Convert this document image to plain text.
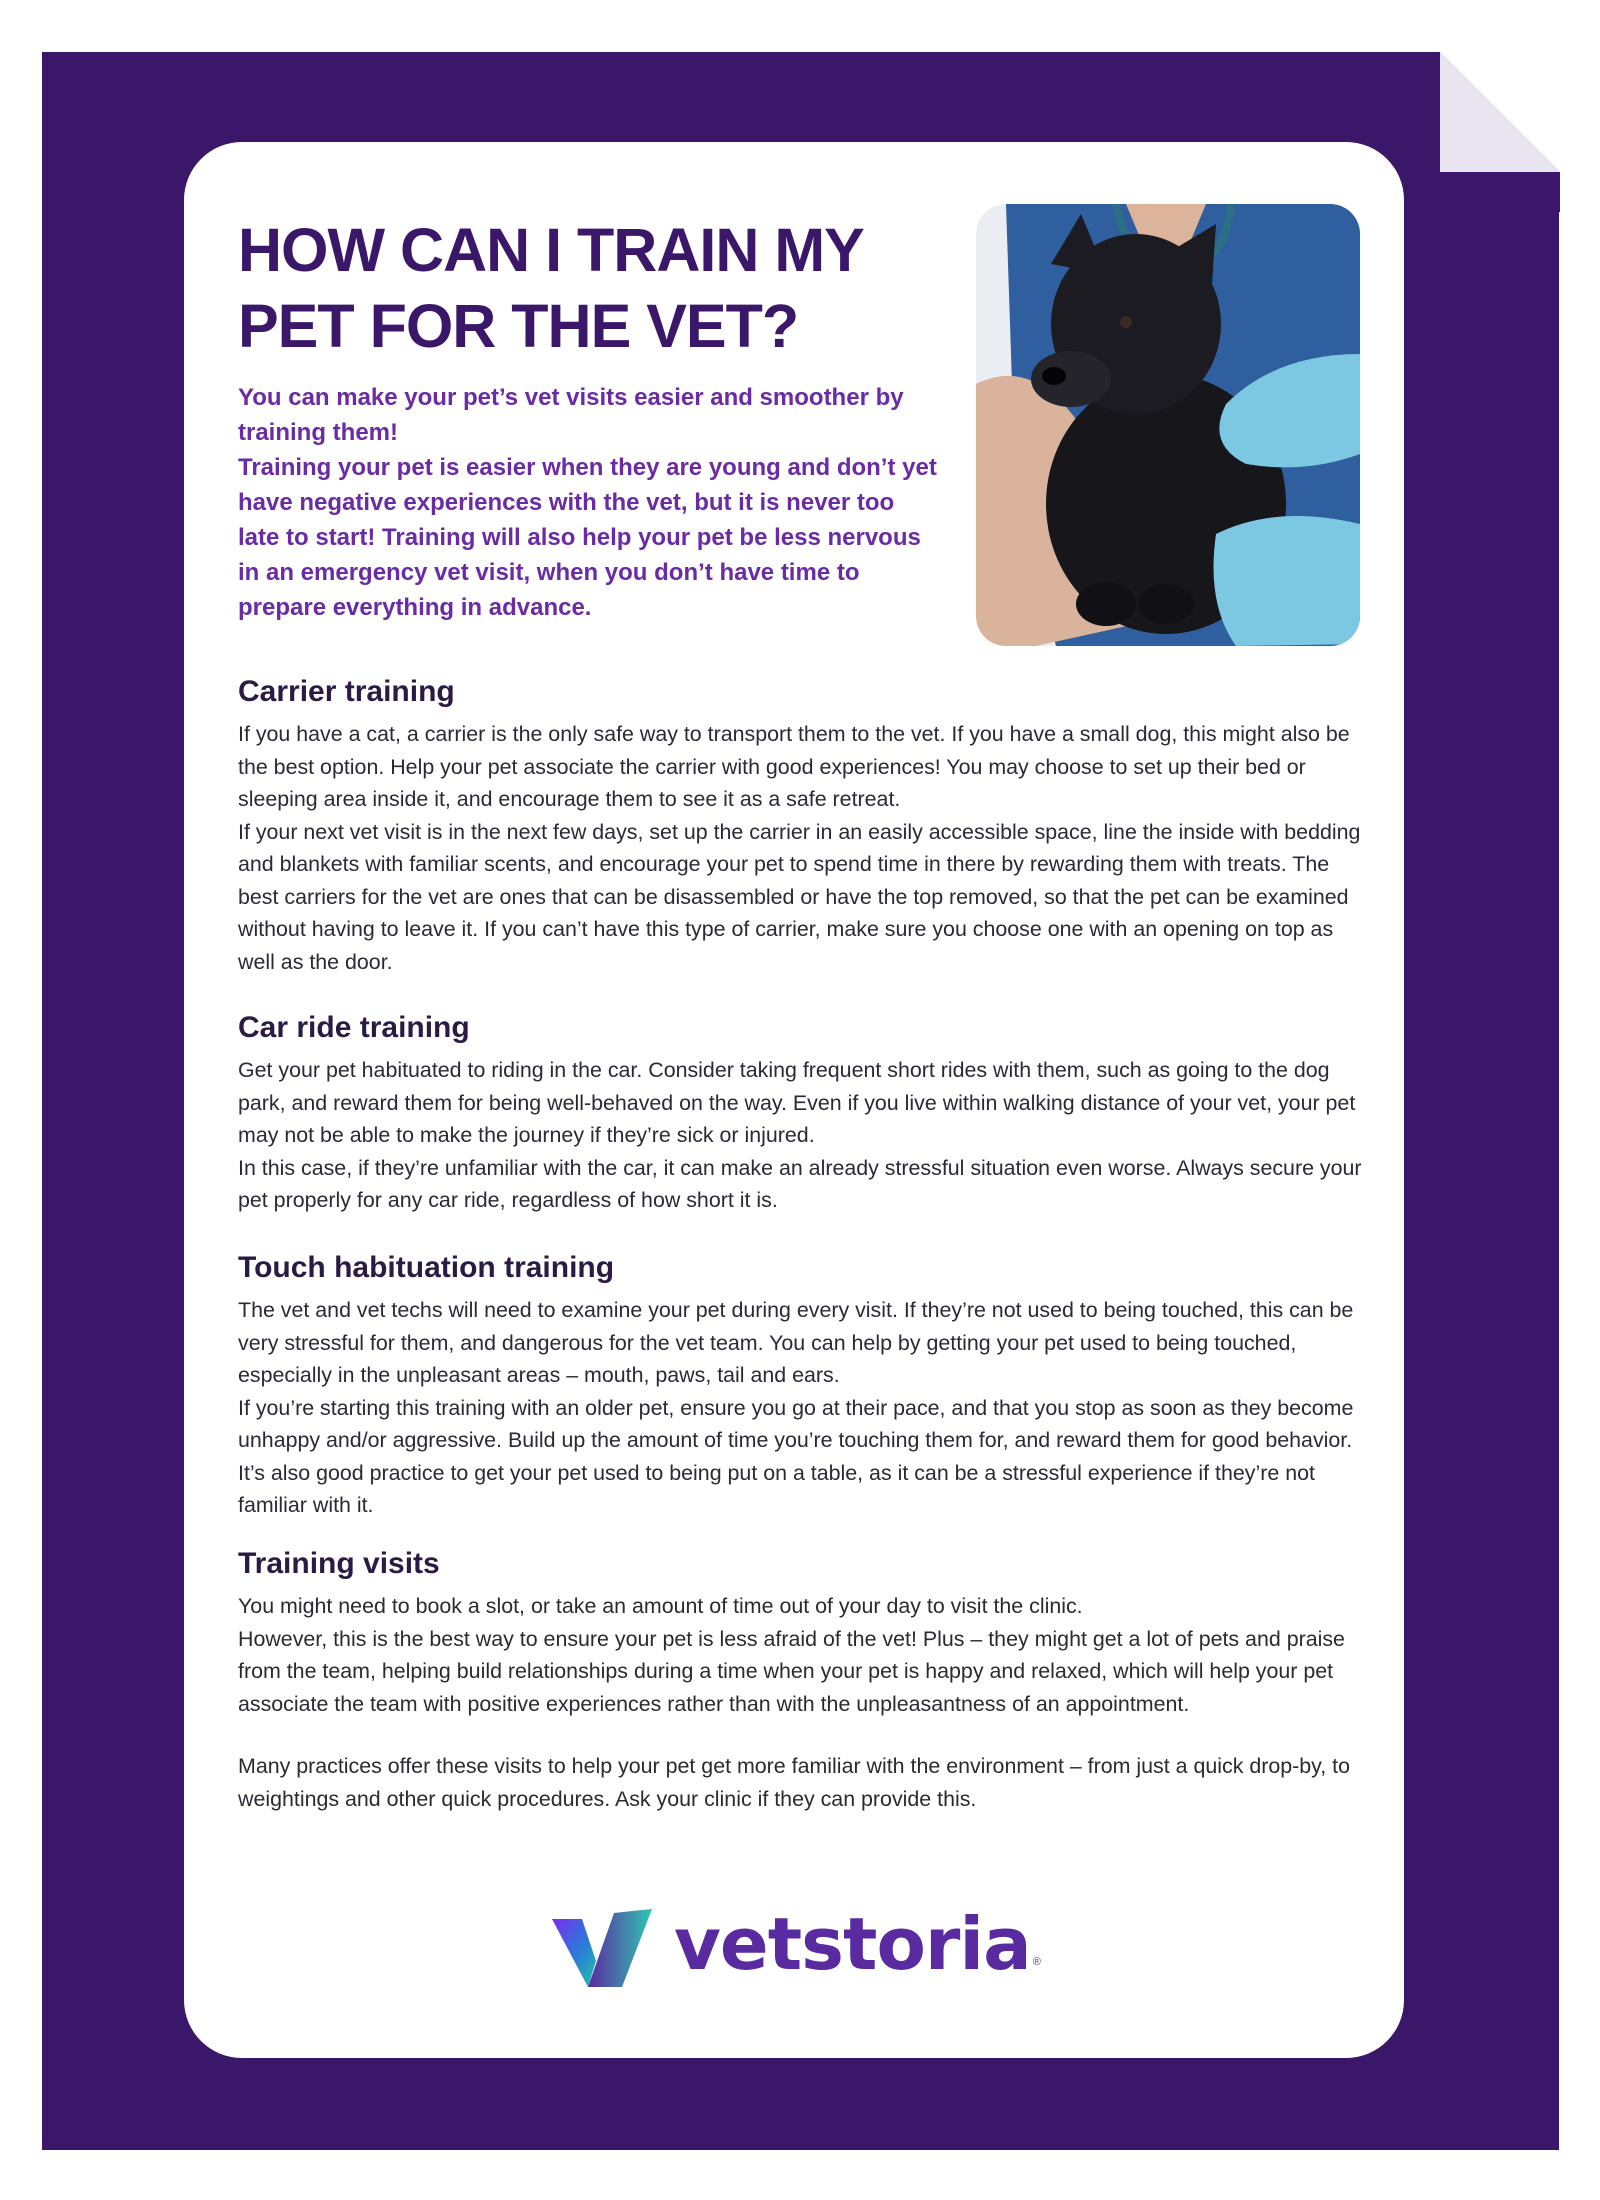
HOW CAN I TRAIN MY PET FOR THE VET?

You can make your pet’s vet visits easier and smoother by training them!

Training your pet is easier when they are young and don’t yet have negative experiences with the vet, but it is never too late to start! Training will also help your pet be less nervous in an emergency vet visit, when you don’t have time to prepare everything in advance.

Carrier training

If you have a cat, a carrier is the only safe way to transport them to the vet. If you have a small dog, this might also be the best option. Help your pet associate the carrier with good experiences! You may choose to set up their bed or sleeping area inside it, and encourage them to see it as a safe retreat.

If your next vet visit is in the next few days, set up the carrier in an easily accessible space, line the inside with bedding and blankets with familiar scents, and encourage your pet to spend time in there by rewarding them with treats. The best carriers for the vet are ones that can be disassembled or have the top removed, so that the pet can be examined without having to leave it. If you can’t have this type of carrier, make sure you choose one with an opening on top as well as the door.

Car ride training

Get your pet habituated to riding in the car. Consider taking frequent short rides with them, such as going to the dog park, and reward them for being well-behaved on the way. Even if you live within walking distance of your vet, your pet may not be able to make the journey if they’re sick or injured.

In this case, if they’re unfamiliar with the car, it can make an already stressful situation even worse. Always secure your pet properly for any car ride, regardless of how short it is.

Touch habituation training

The vet and vet techs will need to examine your pet during every visit. If they’re not used to being touched, this can be very stressful for them, and dangerous for the vet team. You can help by getting your pet used to being touched, especially in the unpleasant areas – mouth, paws, tail and ears.

If you’re starting this training with an older pet, ensure you go at their pace, and that you stop as soon as they become unhappy and/or aggressive. Build up the amount of time you’re touching them for, and reward them for good behavior. It’s also good practice to get your pet used to being put on a table, as it can be a stressful experience if they’re not familiar with it.

Training visits

You might need to book a slot, or take an amount of time out of your day to visit the clinic.

However, this is the best way to ensure your pet is less afraid of the vet! Plus – they might get a lot of pets and praise from the team, helping build relationships during a time when your pet is happy and relaxed, which will help your pet associate the team with positive experiences rather than with the unpleasantness of an appointment.

Many practices offer these visits to help your pet get more familiar with the environment – from just a quick drop-by, to weightings and other quick procedures. Ask your clinic if they can provide this.

vetstoria ®
